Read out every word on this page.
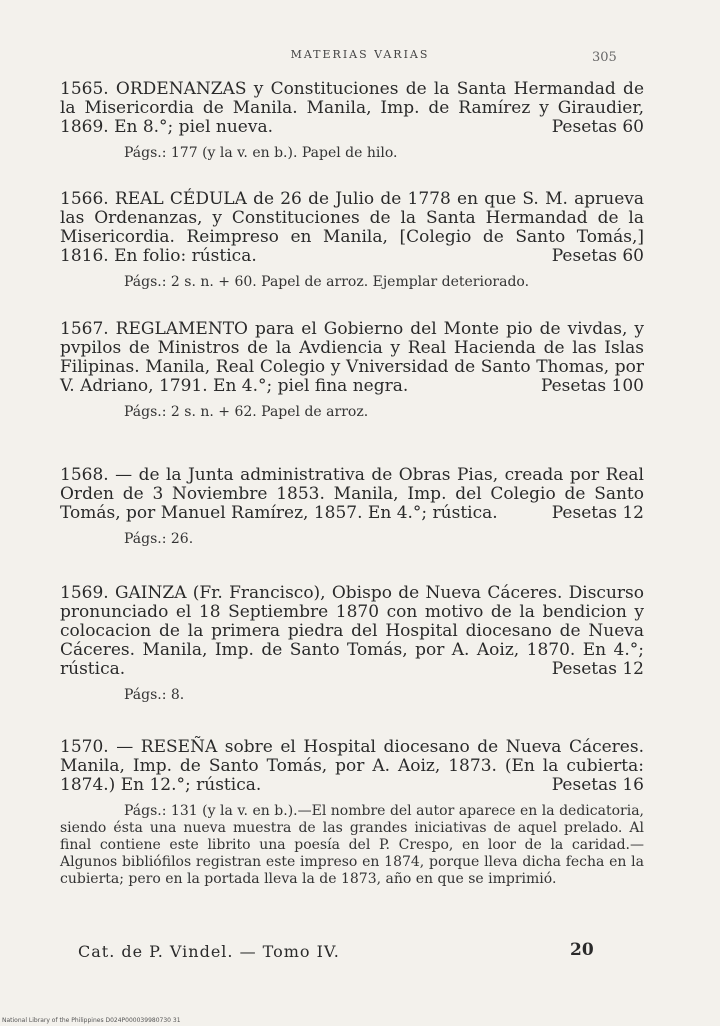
MATERIAS VARIAS	305

1565. ORDENANZAS y Constituciones de la Santa Hermandad de la Misericordia de Manila. Manila, Imp. de Ramírez y Giraudier, 1869. En 8.°; piel nueva.	Pesetas 60

Págs.: 177 (y la v. en b.). Papel de hilo.

1566. REAL CÉDULA de 26 de Julio de 1778 en que S. M. aprueva las Ordenanzas, y Constituciones de la Santa Hermandad de la Misericordia. Reimpreso en Manila, [Colegio de Santo Tomás,] 1816. En folio: rústica.	Pesetas 60

Págs.: 2 s. n. + 60. Papel de arroz. Ejemplar deteriorado.

1567. REGLAMENTO para el Gobierno del Monte pio de vivdas, y pvpilos de Ministros de la Avdiencia y Real Hacienda de las Islas Filipinas. Manila, Real Colegio y Vniversidad de Santo Thomas, por V. Adriano, 1791. En 4.°; piel fina negra.	Pesetas 100

Págs.: 2 s. n. + 62. Papel de arroz.

1568. — de la Junta administrativa de Obras Pias, creada por Real Orden de 3 Noviembre 1853. Manila, Imp. del Colegio de Santo Tomás, por Manuel Ramírez, 1857. En 4.°; rústica.	Pesetas 12

Págs.: 26.

1569. GAINZA (Fr. Francisco), Obispo de Nueva Cáceres. Discurso pronunciado el 18 Septiembre 1870 con motivo de la bendicion y colocacion de la primera piedra del Hospital diocesano de Nueva Cáceres. Manila, Imp. de Santo Tomás, por A. Aoiz, 1870. En 4.°; rústica.	Pesetas 12

Págs.: 8.

1570. — RESEÑA sobre el Hospital diocesano de Nueva Cáceres. Manila, Imp. de Santo Tomás, por A. Aoiz, 1873. (En la cubierta: 1874.) En 12.°; rústica.	Pesetas 16

Págs.: 131 (y la v. en b.).—El nombre del autor aparece en la dedicatoria, siendo ésta una nueva muestra de las grandes iniciativas de aquel prelado. Al final contiene este librito una poesía del P. Crespo, en loor de la caridad.—Algunos bibliófilos registran este impreso en 1874, porque lleva dicha fecha en la cubierta; pero en la portada lleva la de 1873, año en que se imprimió.

Cat. de P. Vindel. — Tomo IV.	20
National Library of the Philippines D024P000039980730 31
